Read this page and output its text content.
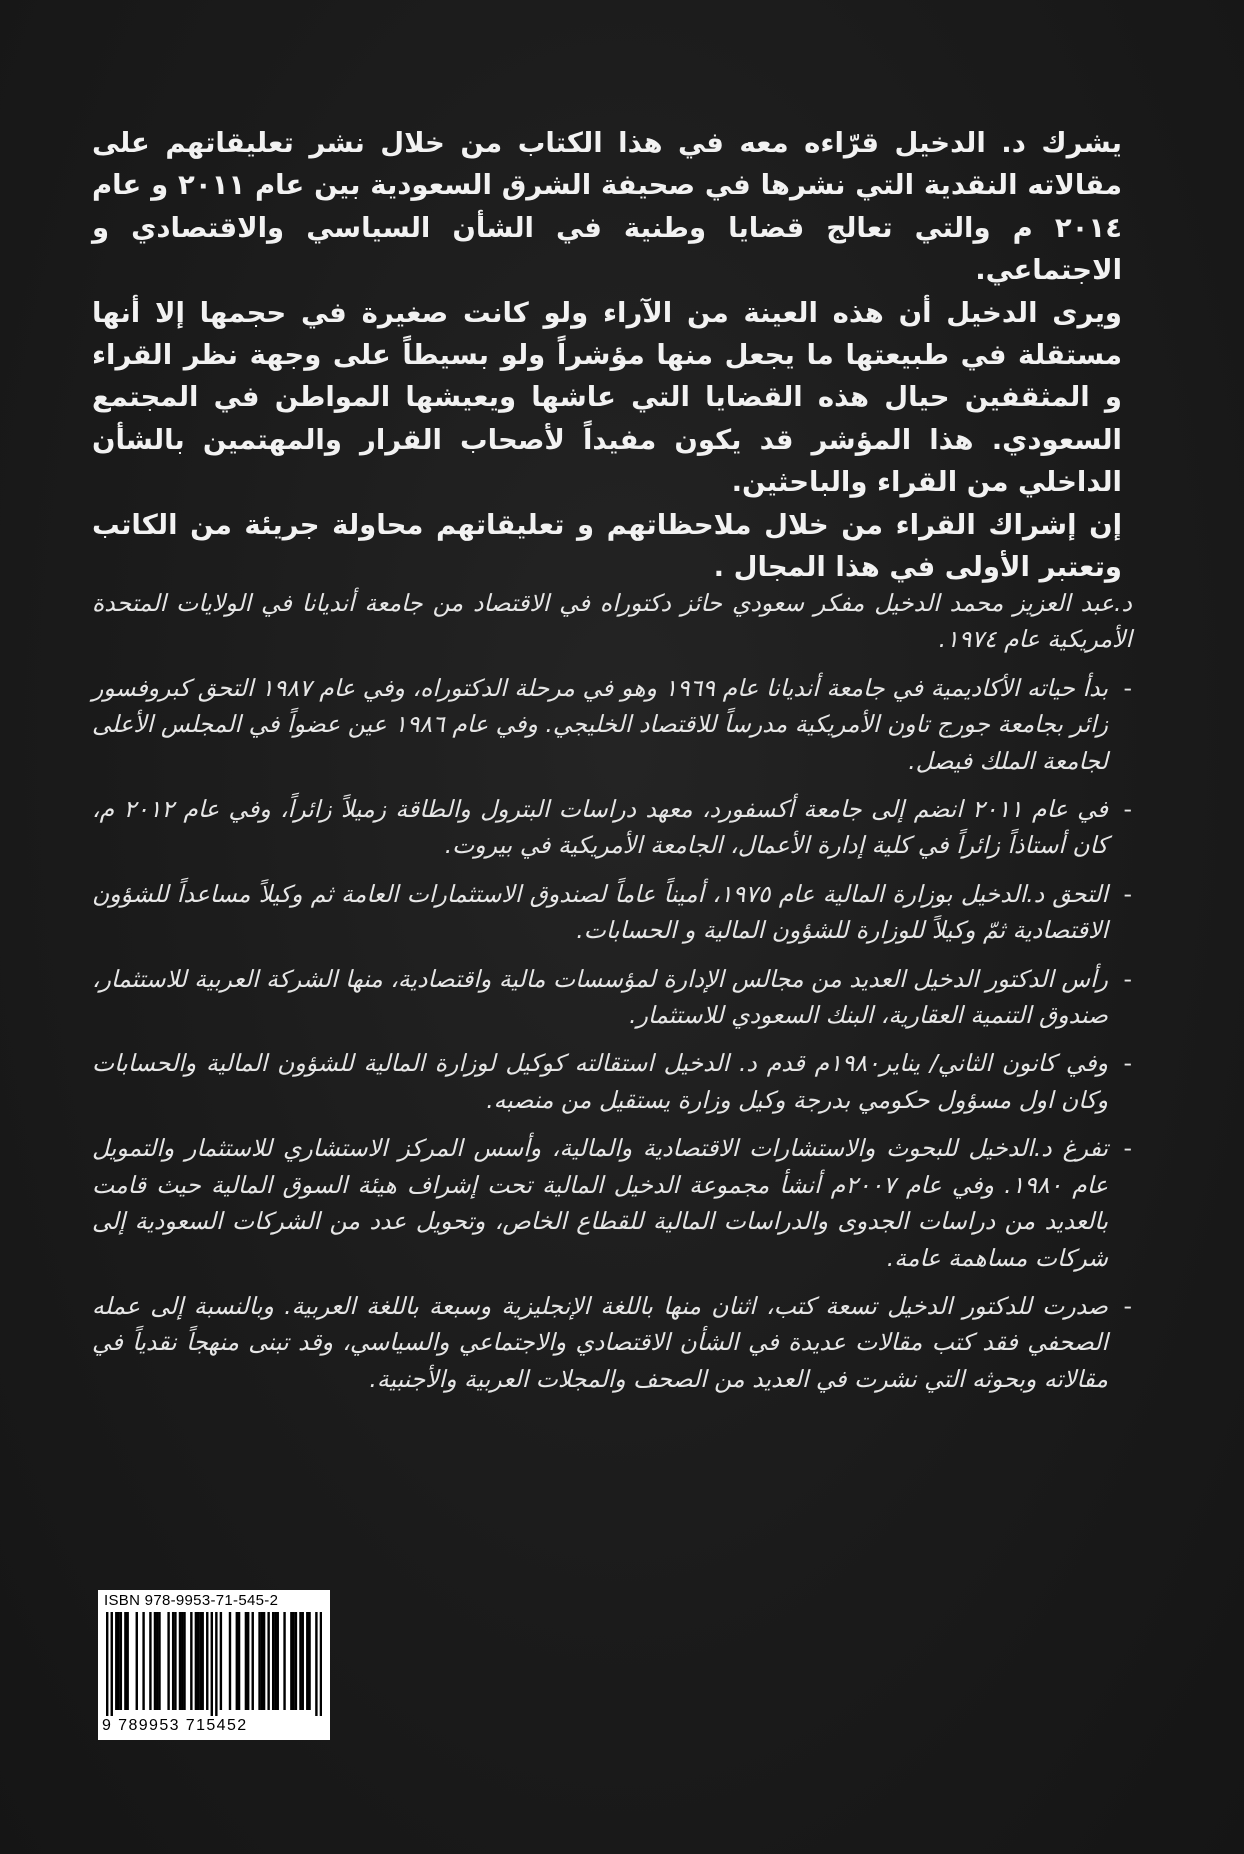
يشرك د. الدخيل قرّاءه معه في هذا الكتاب من خلال نشر تعليقاتهم على مقالاته النقدية التي نشرها في صحيفة الشرق السعودية بين عام ٢٠١١ و عام ٢٠١٤ م والتي تعالج قضايا وطنية في الشأن السياسي والاقتصادي و الاجتماعي.

ويرى الدخيل أن هذه العينة من الآراء ولو كانت صغيرة في حجمها إلا أنها مستقلة في طبيعتها ما يجعل منها مؤشراً ولو بسيطاً على وجهة نظر القراء و المثقفين حيال هذه القضايا التي عاشها ويعيشها المواطن في المجتمع السعودي. هذا المؤشر قد يكون مفيداً لأصحاب القرار والمهتمين بالشأن الداخلي من القراء والباحثين.

إن إشراك القراء من خلال ملاحظاتهم و تعليقاتهم محاولة جريئة من الكاتب وتعتبر الأولى في هذا المجال .

د.عبد العزيز محمد الدخيل مفكر سعودي حائز دكتوراه في الاقتصاد من جامعة أنديانا في الولايات المتحدة الأمريكية عام ١٩٧٤.

-
بدأ حياته الأكاديمية في جامعة أنديانا عام ١٩٦٩ وهو في مرحلة الدكتوراه، وفي عام ١٩٨٧ التحق كبروفسور زائر بجامعة جورج تاون الأمريكية مدرساً للاقتصاد الخليجي. وفي عام ١٩٨٦ عين عضواً في المجلس الأعلى لجامعة الملك فيصل.
-
في عام ٢٠١١ انضم إلى جامعة أكسفورد، معهد دراسات البترول والطاقة زميلاً زائراً، وفي عام ٢٠١٢ م، كان أستاذاً زائراً في كلية إدارة الأعمال، الجامعة الأمريكية في بيروت.
-
التحق د.الدخيل بوزارة المالية عام ١٩٧٥، أميناً عاماً لصندوق الاستثمارات العامة ثم وكيلاً مساعداً للشؤون الاقتصادية ثمّ وكيلاً للوزارة للشؤون المالية و الحسابات.
-
رأس الدكتور الدخيل العديد من مجالس الإدارة لمؤسسات مالية واقتصادية، منها الشركة العربية للاستثمار، صندوق التنمية العقارية، البنك السعودي للاستثمار.
-
وفي كانون الثاني/ يناير١٩٨٠م قدم د. الدخيل استقالته كوكيل لوزارة المالية للشؤون المالية والحسابات وكان اول مسؤول حكومي بدرجة وكيل وزارة يستقيل من منصبه.
-
تفرغ د.الدخيل للبحوث والاستشارات الاقتصادية والمالية، وأسس المركز الاستشاري للاستثمار والتمويل عام ١٩٨٠. وفي عام ٢٠٠٧م أنشأ مجموعة الدخيل المالية تحت إشراف هيئة السوق المالية حيث قامت بالعديد من دراسات الجدوى والدراسات المالية للقطاع الخاص، وتحويل عدد من الشركات السعودية إلى شركات مساهمة عامة.
-
صدرت للدكتور الدخيل تسعة كتب، اثنان منها باللغة الإنجليزية وسبعة باللغة العربية. وبالنسبة إلى عمله الصحفي فقد كتب مقالات عديدة في الشأن الاقتصادي والاجتماعي والسياسي، وقد تبنى منهجاً نقدياً في مقالاته وبحوثه التي نشرت في العديد من الصحف والمجلات العربية والأجنبية.
ISBN 978-9953-71-545-2
9 789953 715452
